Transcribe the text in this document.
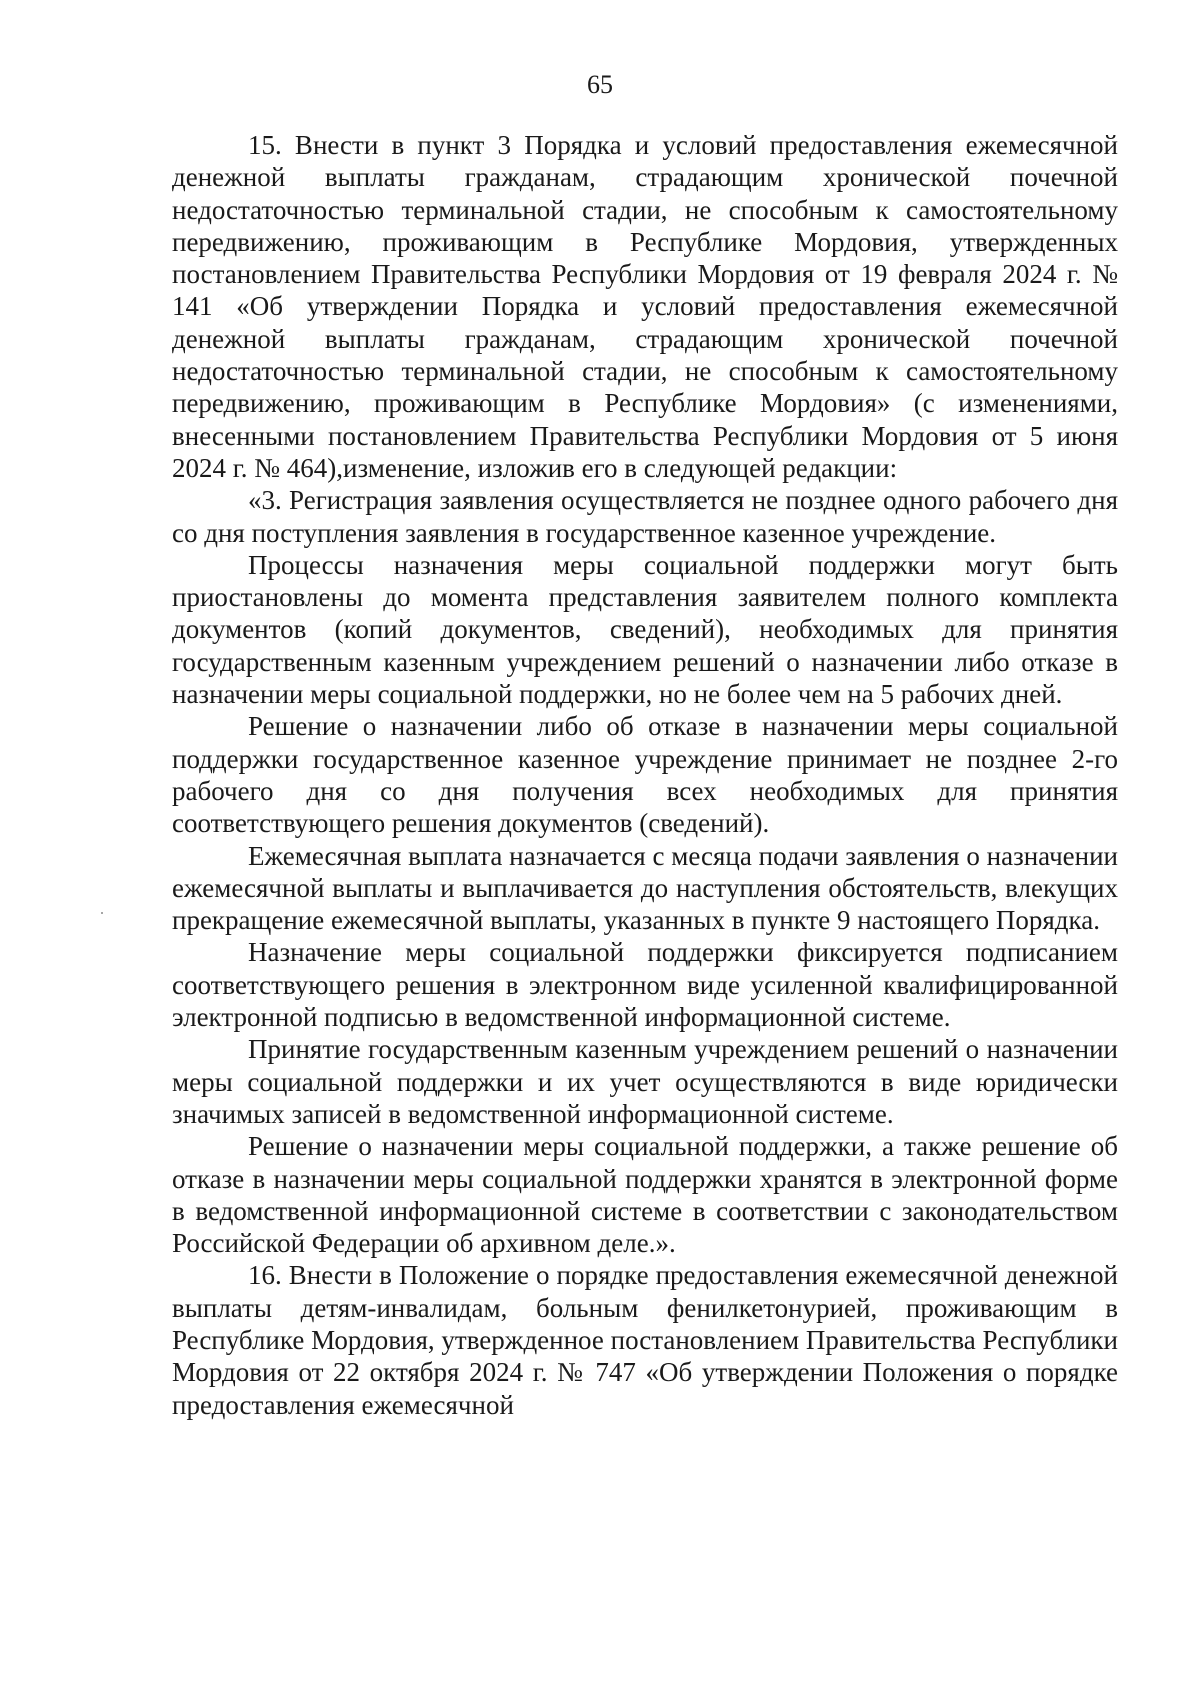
65

15. Внести в пункт 3 Порядка и условий предоставления ежемесячной денежной выплаты гражданам, страдающим хронической почечной недостаточностью терминальной стадии, не способным к самостоятельному передвижению, проживающим в Республике Мордовия, утвержденных постановлением Правительства Республики Мордовия от 19 февраля 2024 г. № 141 «Об утверждении Порядка и условий предоставления ежемесячной денежной выплаты гражданам, страдающим хронической почечной недостаточностью терминальной стадии, не способным к самостоятельному передвижению, проживающим в Республике Мордовия» (с изменениями, внесенными постановлением Правительства Республики Мордовия от 5 июня 2024 г. № 464),изменение, изложив его в следующей редакции:

«3. Регистрация заявления осуществляется не позднее одного рабочего дня со дня поступления заявления в государственное казенное учреждение.

Процессы назначения меры социальной поддержки могут быть приостановлены до момента представления заявителем полного комплекта документов (копий документов, сведений), необходимых для принятия государственным казенным учреждением решений о назначении либо отказе в назначении меры социальной поддержки, но не более чем на 5 рабочих дней.

Решение о назначении либо об отказе в назначении меры социальной поддержки государственное казенное учреждение принимает не позднее 2-го рабочего дня со дня получения всех необходимых для принятия соответствующего решения документов (сведений).

Ежемесячная выплата назначается с месяца подачи заявления о назначении ежемесячной выплаты и выплачивается до наступления обстоятельств, влекущих прекращение ежемесячной выплаты, указанных в пункте 9 настоящего Порядка.

Назначение меры социальной поддержки фиксируется подписанием соответствующего решения в электронном виде усиленной квалифицированной электронной подписью в ведомственной информационной системе.

Принятие государственным казенным учреждением решений о назначении меры социальной поддержки и их учет осуществляются в виде юридически значимых записей в ведомственной информационной системе.

Решение о назначении меры социальной поддержки, а также решение об отказе в назначении меры социальной поддержки хранятся в электронной форме в ведомственной информационной системе в соответствии с законодательством Российской Федерации об архивном деле.».

16. Внести в Положение о порядке предоставления ежемесячной денежной выплаты детям-инвалидам, больным фенилкетонурией, проживающим в Республике Мордовия, утвержденное постановлением Правительства Республики Мордовия от 22 октября 2024 г. № 747 «Об утверждении Положения о порядке предоставления ежемесячной
